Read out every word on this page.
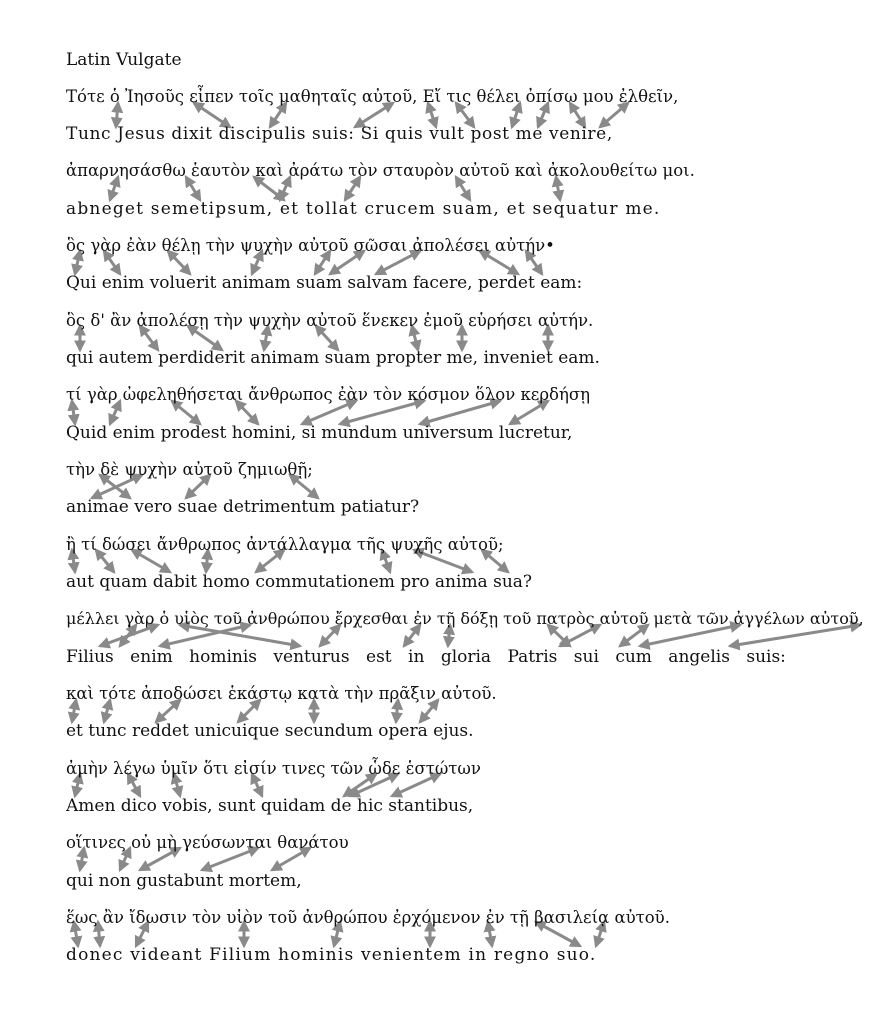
Latin Vulgate
Τότε ὁ Ἰησοῦς εἶπεν τοῖς μαθηταῖς αὐτοῦ, Εἴ τις θέλει ὀπίσω μου ἐλθεῖν,
Tunc Jesus dixit discipulis suis: Si quis vult post me venire,
ἀπαρνησάσθω ἑαυτὸν καὶ ἀράτω τὸν σταυρὸν αὐτοῦ καὶ ἀκολουθείτω μοι.
abneget semetipsum, et tollat crucem suam, et sequatur me.
ὃς γὰρ ἐὰν θέλῃ τὴν ψυχὴν αὐτοῦ σῶσαι ἀπολέσει αὐτήν•
Qui enim voluerit animam suam salvam facere, perdet eam:
ὃς δ' ἂν ἀπολέσῃ τὴν ψυχὴν αὐτοῦ ἕνεκεν ἐμοῦ εὑρήσει αὐτήν.
qui autem perdiderit animam suam propter me, inveniet eam.
τί γὰρ ὠφεληθήσεται ἄνθρωπος ἐὰν τὸν κόσμον ὅλον κερδήσῃ
Quid enim prodest homini, si mundum universum lucretur,
τὴν δὲ ψυχὴν αὐτοῦ ζημιωθῇ;
animae vero suae detrimentum patiatur?
ἢ τί δώσει ἄνθρωπος ἀντάλλαγμα τῆς ψυχῆς αὐτοῦ;
aut quam dabit homo commutationem pro anima sua?
μέλλει γὰρ ὁ υἱὸς τοῦ ἀνθρώπου ἔρχεσθαι ἐν τῇ δόξῃ τοῦ πατρὸς αὐτοῦ μετὰ τῶν ἀγγέλων αὐτοῦ,
Filius enim hominis venturus est in gloria Patris sui cum angelis suis:
καὶ τότε ἀποδώσει ἑκάστῳ κατὰ τὴν πρᾶξιν αὐτοῦ.
et tunc reddet unicuique secundum opera ejus.
ἀμὴν λέγω ὑμῖν ὅτι εἰσίν τινες τῶν ὧδε ἑστώτων
Amen dico vobis, sunt quidam de hic stantibus,
οἵτινες οὐ μὴ γεύσωνται θανάτου
qui non gustabunt mortem,
ἕως ἂν ἴδωσιν τὸν υἱὸν τοῦ ἀνθρώπου ἐρχόμενον ἐν τῇ βασιλείᾳ αὐτοῦ.
donec videant Filium hominis venientem in regno suo.
